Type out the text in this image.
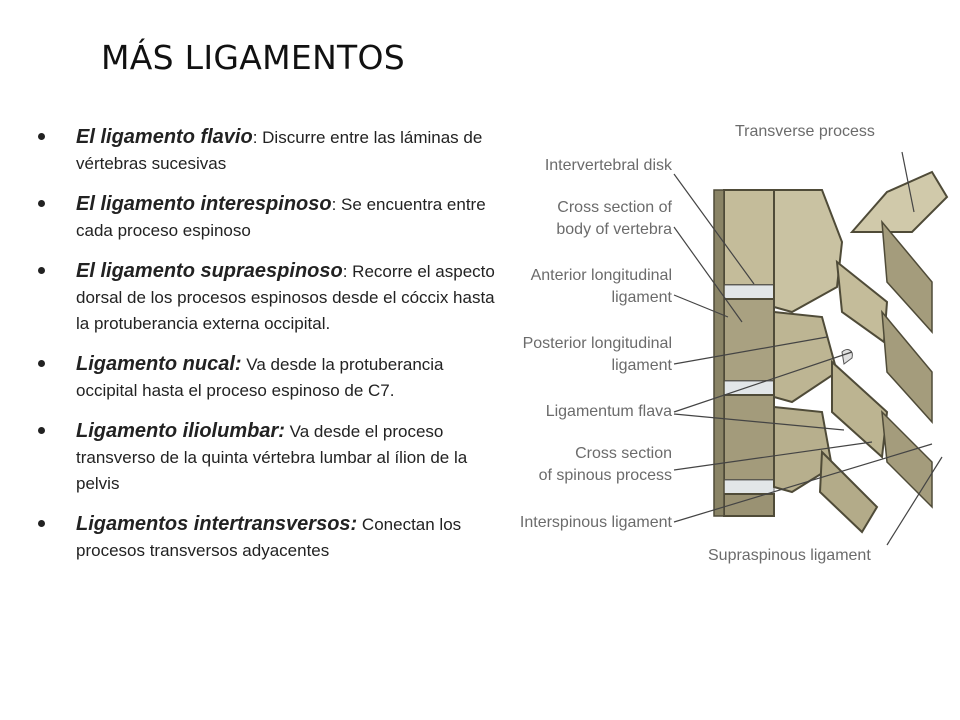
MÁS LIGAMENTOS
El ligamento flavio: Discurre entre las láminas de vértebras sucesivas
El ligamento interespinoso: Se encuentra entre cada proceso espinoso
El ligamento supraespinoso: Recorre el aspecto dorsal de los procesos espinosos desde el cóccix hasta la protuberancia externa occipital.
Ligamento nucal: Va desde la protuberancia occipital hasta el proceso espinoso de C7.
Ligamento iliolumbar: Va desde el proceso transverso de la quinta vértebra lumbar al ílion de la pelvis
Ligamentos intertransversos: Conectan los procesos transversos adyacentes
Transverse process
Intervertebral disk
Cross section of
body of vertebra
Anterior longitudinal
ligament
Posterior longitudinal
ligament
Ligamentum flava
Cross section
of spinous process
Interspinous ligament
Supraspinous ligament
